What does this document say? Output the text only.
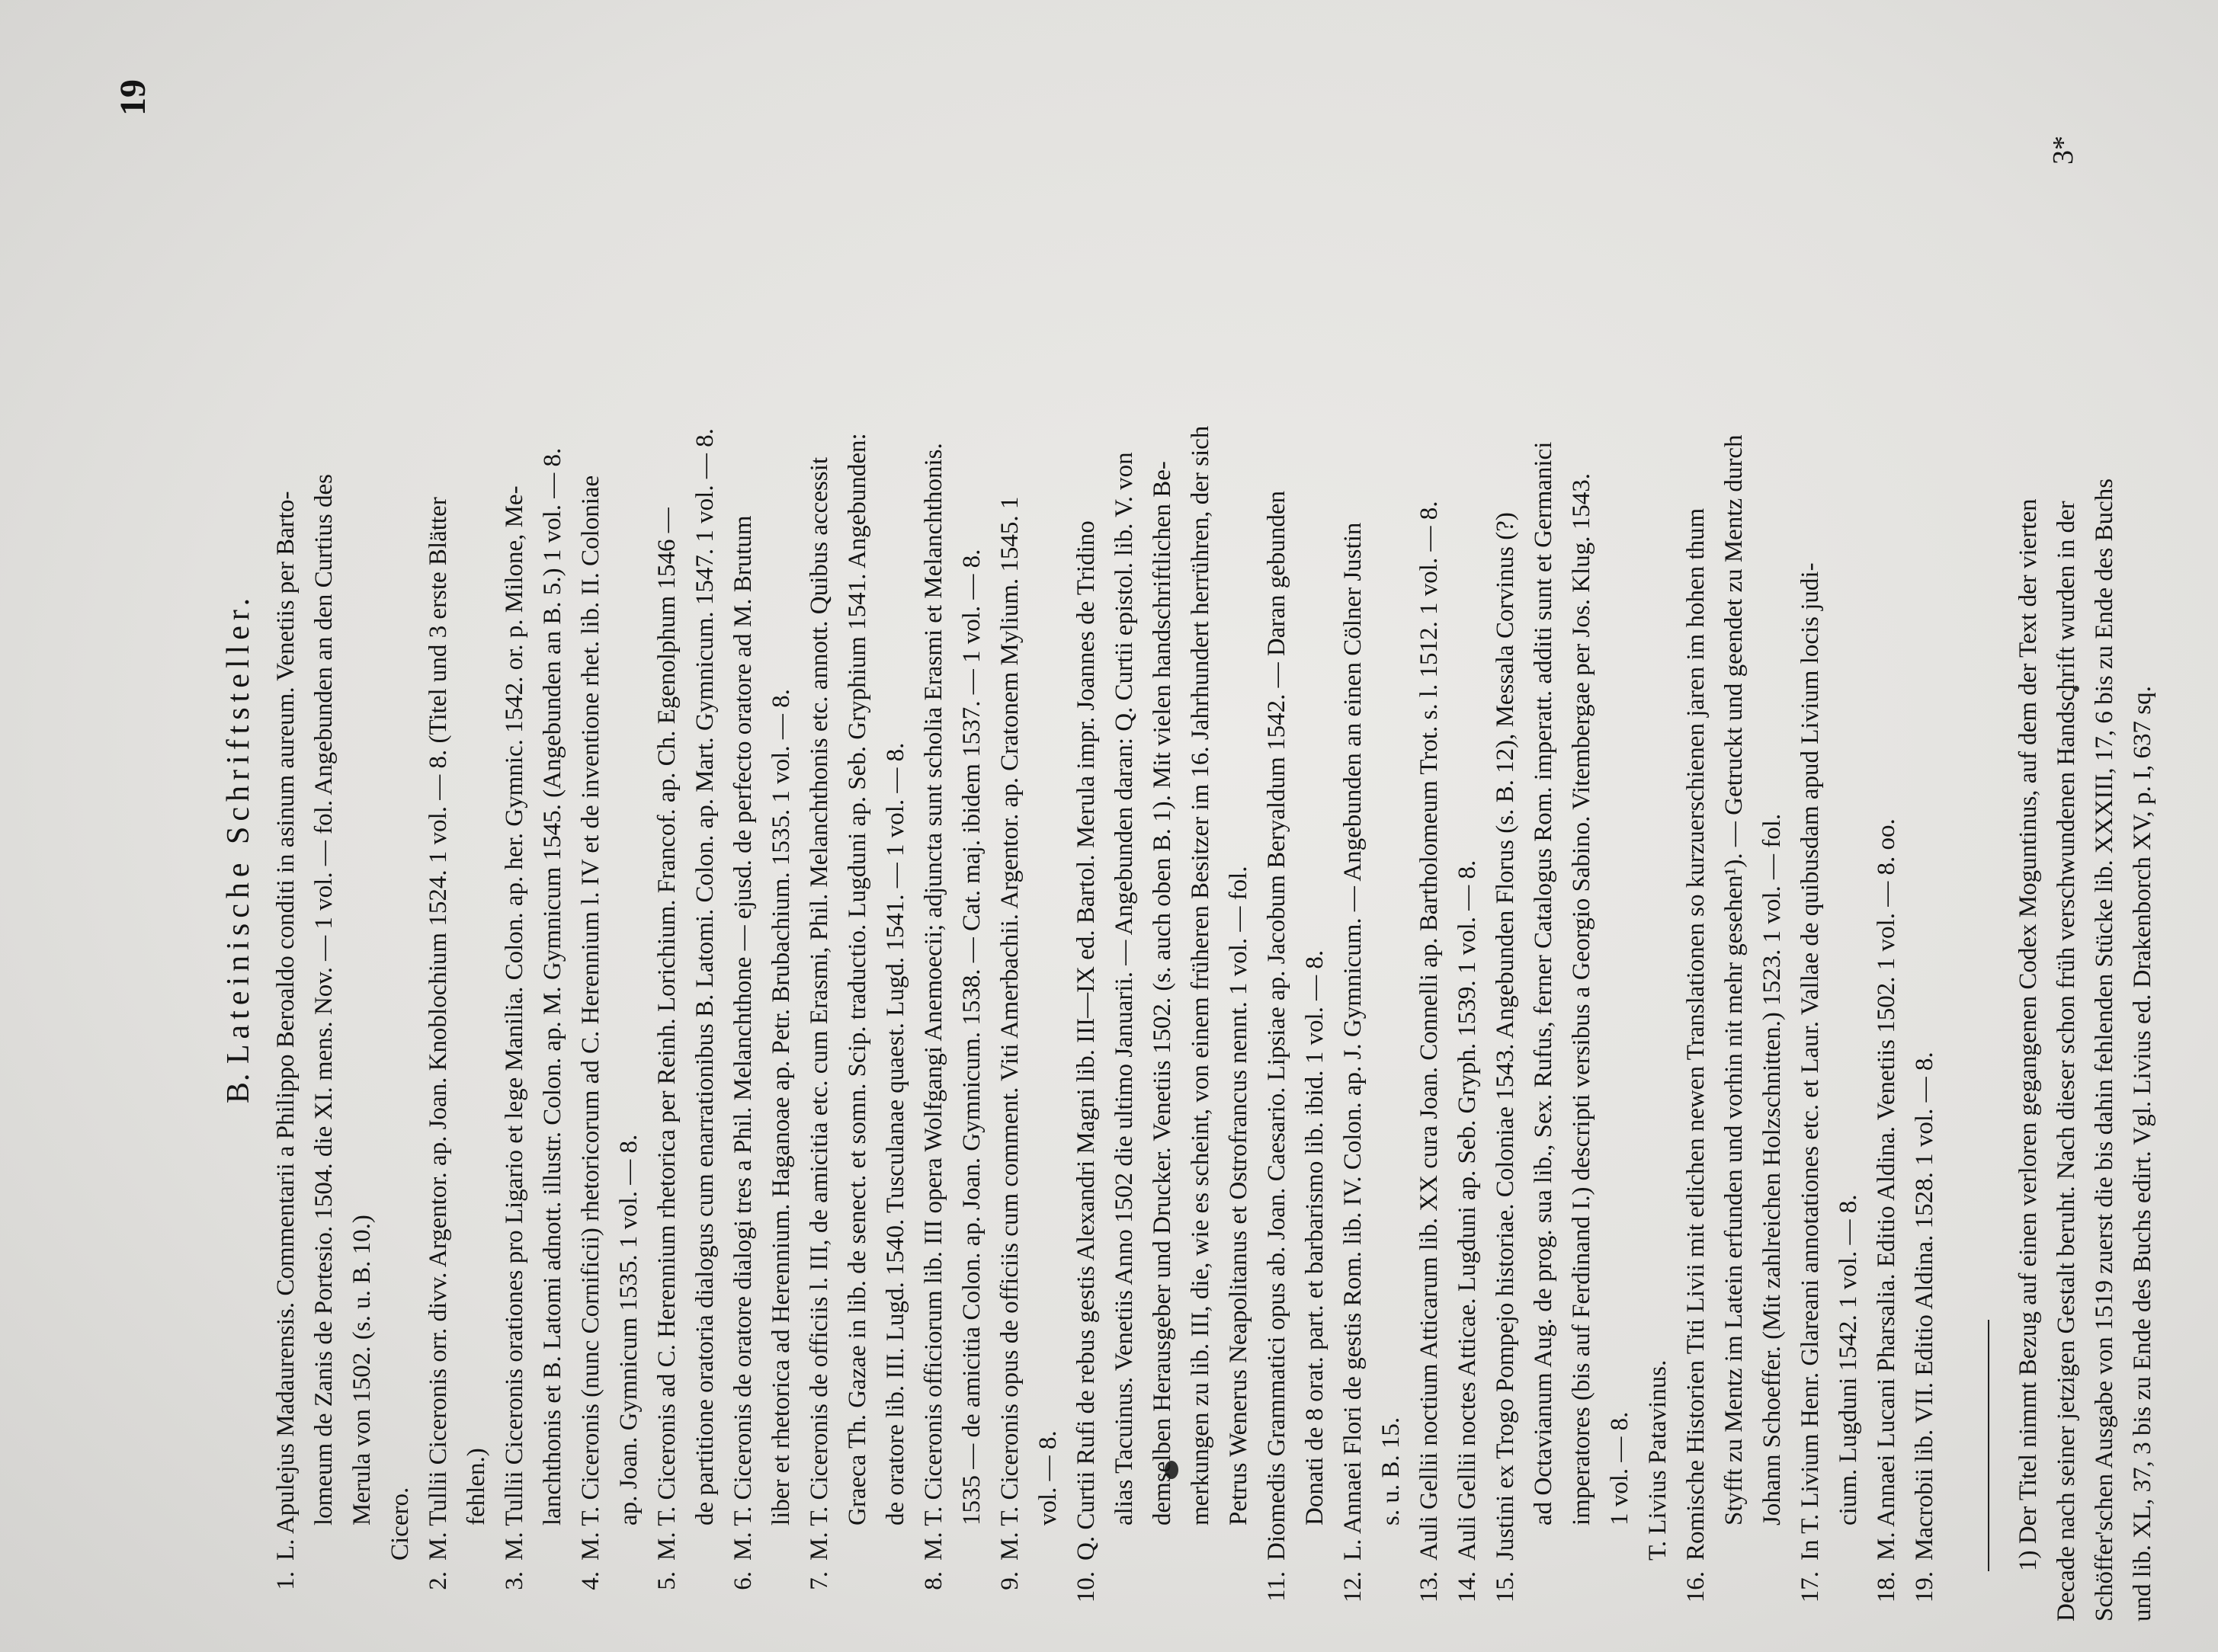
19
B. Lateinische Schriftsteller.
1.
L. Apulejus Madaurensis. Commentarii a Philippo Beroaldo conditi in asinum aureum. Venetiis per Barto- lomeum de Zanis de Portesio. 1504. die XI. mens. Nov. — 1 vol. — fol. Angebunden an den Curtius des Merula von 1502. (s. u. B. 10.) Cicero.
2.
M. Tullii Ciceronis orr. divv. Argentor. ap. Joan. Knoblochium 1524. 1 vol. — 8. (Titel und 3 erste Blätter fehlen.)
3.
M. Tullii Ciceronis orationes pro Ligario et lege Manilia. Colon. ap. her. Gymnic. 1542. or. p. Milone, Me- lanchthonis et B. Latomi adnott. illustr. Colon. ap. M. Gymnicum 1545. (Angebunden an B. 5.) 1 vol. — 8.
4.
M. T. Ciceronis (nunc Cornificii) rhetoricorum ad C. Herennium l. IV et de inventione rhet. lib. II. Coloniae ap. Joan. Gymnicum 1535. 1 vol. — 8.
5.
M. T. Ciceronis ad C. Herennium rhetorica per Reinh. Lorichium. Francof. ap. Ch. Egenolphum 1546 — de partitione oratoria dialogus cum enarrationibus B. Latomi. Colon. ap. Mart. Gymnicum. 1547. 1 vol. — 8.
6.
M. T. Ciceronis de oratore dialogi tres a Phil. Melanchthone — ejusd. de perfecto oratore ad M. Brutum liber et rhetorica ad Herennium. Haganoae ap. Petr. Brubachium. 1535. 1 vol. — 8.
7.
M. T. Ciceronis de officiis l. III, de amicitia etc. cum Erasmi, Phil. Melanchthonis etc. annott. Quibus accessit Graeca Th. Gazae in lib. de senect. et somn. Scip. traductio. Lugduni ap. Seb. Gryphium 1541. Angebunden: de oratore lib. III. Lugd. 1540. Tusculanae quaest. Lugd. 1541. — 1 vol. — 8.
8.
M. T. Ciceronis officiorum lib. III opera Wolfgangi Anemoecii; adjuncta sunt scholia Erasmi et Melanchthonis. 1535 — de amicitia Colon. ap. Joan. Gymnicum. 1538. — Cat. maj. ibidem 1537. — 1 vol. — 8.
9.
M. T. Ciceronis opus de officiis cum comment. Viti Amerbachii. Argentor. ap. Cratonem Mylium. 1545. 1 vol. — 8.
10.
Q. Curtii Rufi de rebus gestis Alexandri Magni lib. III—IX ed. Bartol. Merula impr. Joannes de Tridino alias Tacuinus. Venetiis Anno 1502 die ultimo Januarii. — Angebunden daran: Q. Curtii epistol. lib. V. von demselben Herausgeber und Drucker. Venetiis 1502. (s. auch oben B. 1). Mit vielen handschriftlichen Be- merkungen zu lib. III, die, wie es scheint, von einem früheren Besitzer im 16. Jahrhundert herrühren, der sich Petrus Wenerus Neapolitanus et Ostrofrancus nennt. 1 vol. — fol.
11.
Diomedis Grammatici opus ab. Joan. Caesario. Lipsiae ap. Jacobum Beryaldum 1542. — Daran gebunden Donati de 8 orat. part. et barbarismo lib. ibid. 1 vol. — 8.
12.
L. Annaei Flori de gestis Rom. lib. IV. Colon. ap. J. Gymnicum. — Angebunden an einen Cölner Justin s. u. B. 15.
13.
Auli Gellii noctium Atticarum lib. XX cura Joan. Connelli ap. Bartholomeum Trot. s. l. 1512. 1 vol. — 8.
14.
Auli Gellii noctes Atticae. Lugduni ap. Seb. Gryph. 1539. 1 vol. — 8.
15.
Justini ex Trogo Pompejo historiae. Coloniae 1543. Angebunden Florus (s. B. 12), Messala Corvinus (?) ad Octavianum Aug. de prog. sua lib., Sex. Rufus, ferner Catalogus Rom. imperatt. additi sunt et Germanici imperatores (bis auf Ferdinand I.) descripti versibus a Georgio Sabino. Vitembergae per Jos. Klug. 1543. 1 vol. — 8. T. Livius Patavinus.
16.
Romische Historien Titi Livii mit etlichen newen Translationen so kurzuerschienen jaren im hohen thum Styfft zu Mentz im Latein erfunden und vorhin nit mehr gesehen¹). — Getruckt und geendet zu Mentz durch Johann Schoeffer. (Mit zahlreichen Holzschnitten.) 1523. 1 vol. — fol.
17.
In T. Livium Henr. Glareani annotationes etc. et Laur. Vallae de quibusdam apud Livium locis judi- cium. Lugduni 1542. 1 vol. — 8.
18.
M. Annaei Lucani Pharsalia. Editio Aldina. Venetiis 1502. 1 vol. — 8. oo.
19.
Macrobii lib. VII. Editio Aldina. 1528. 1 vol. — 8.	1) Der Titel nimmt Bezug auf einen verloren gegangenen Codex Moguntinus, auf dem der Text der vierten Decade nach seiner jetzigen Gestalt beruht. Nach dieser schon früh verschwundenen Handschrift wurden in der Schöffer'schen Ausgabe von 1519 zuerst die bis dahin fehlenden Stücke lib. XXXIII, 17, 6 bis zu Ende des Buchs und lib. XL, 37, 3 bis zu Ende des Buchs edirt. Vgl. Livius ed. Drakenborch XV, p. I, 637 sq.
3*
